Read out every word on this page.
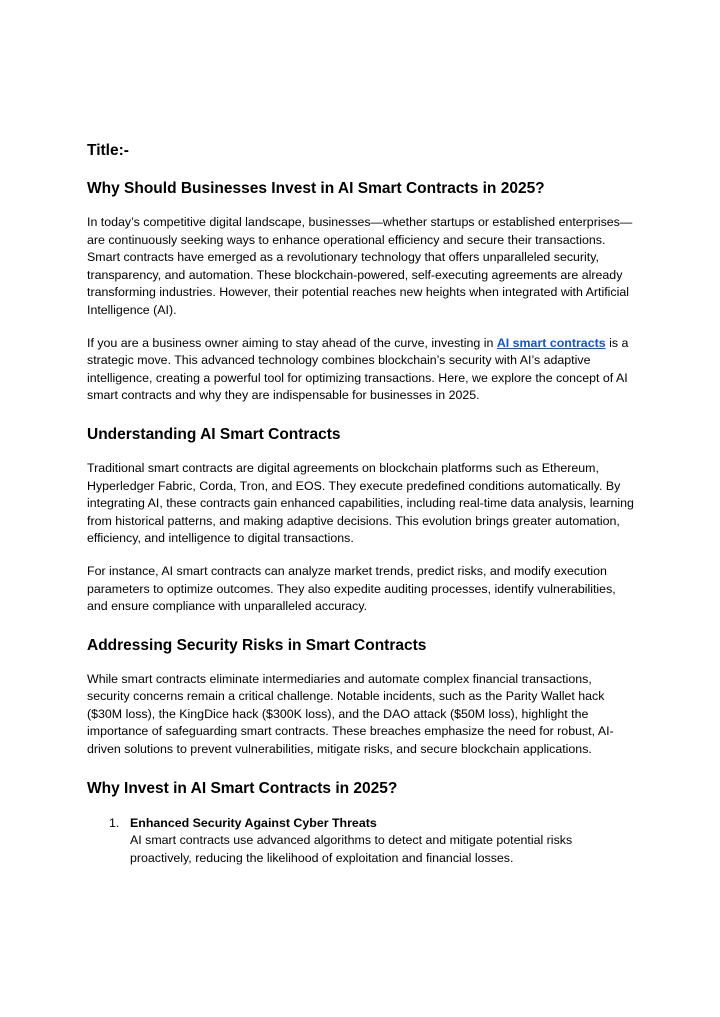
Title:-
Why Should Businesses Invest in AI Smart Contracts in 2025?

In today’s competitive digital landscape, businesses—whether startups or established enterprises—are continuously seeking ways to enhance operational efficiency and secure their transactions. Smart contracts have emerged as a revolutionary technology that offers unparalleled security, transparency, and automation. These blockchain-powered, self-executing agreements are already transforming industries. However, their potential reaches new heights when integrated with Artificial Intelligence (AI).

If you are a business owner aiming to stay ahead of the curve, investing in AI smart contracts is a strategic move. This advanced technology combines blockchain’s security with AI’s adaptive intelligence, creating a powerful tool for optimizing transactions. Here, we explore the concept of AI smart contracts and why they are indispensable for businesses in 2025.

Understanding AI Smart Contracts

Traditional smart contracts are digital agreements on blockchain platforms such as Ethereum, Hyperledger Fabric, Corda, Tron, and EOS. They execute predefined conditions automatically. By integrating AI, these contracts gain enhanced capabilities, including real-time data analysis, learning from historical patterns, and making adaptive decisions. This evolution brings greater automation, efficiency, and intelligence to digital transactions.

For instance, AI smart contracts can analyze market trends, predict risks, and modify execution parameters to optimize outcomes. They also expedite auditing processes, identify vulnerabilities, and ensure compliance with unparalleled accuracy.

Addressing Security Risks in Smart Contracts

While smart contracts eliminate intermediaries and automate complex financial transactions, security concerns remain a critical challenge. Notable incidents, such as the Parity Wallet hack ($30M loss), the KingDice hack ($300K loss), and the DAO attack ($50M loss), highlight the importance of safeguarding smart contracts. These breaches emphasize the need for robust, AI-driven solutions to prevent vulnerabilities, mitigate risks, and secure blockchain applications.

Why Invest in AI Smart Contracts in 2025?
1. Enhanced Security Against Cyber Threats
AI smart contracts use advanced algorithms to detect and mitigate potential risks proactively, reducing the likelihood of exploitation and financial losses.
